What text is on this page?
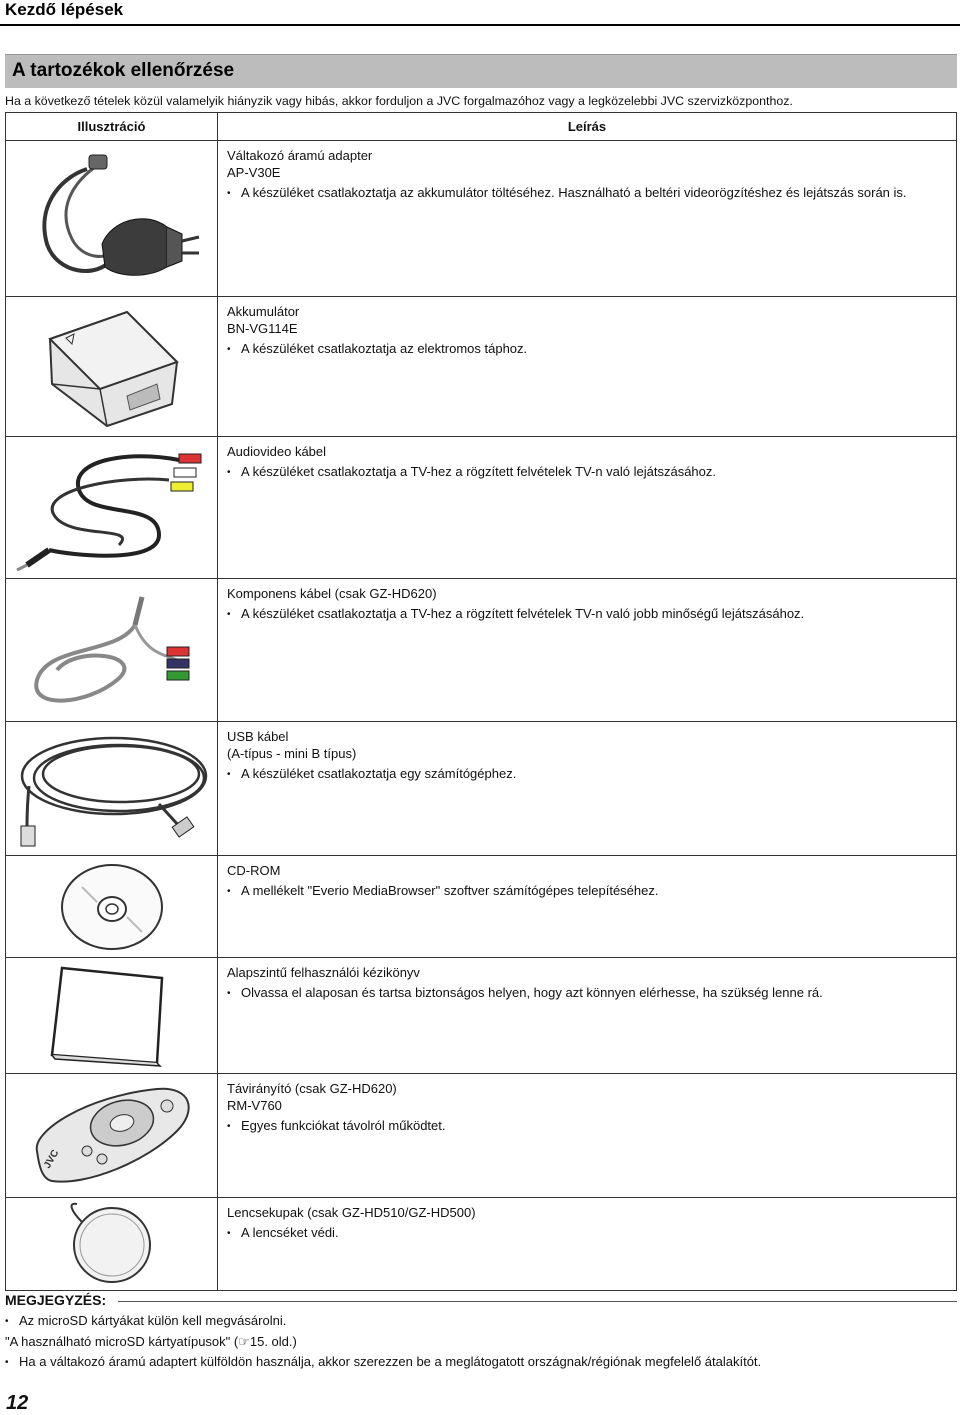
Kezdő lépések
A tartozékok ellenőrzése
Ha a következő tételek közül valamelyik hiányzik vagy hibás, akkor forduljon a JVC forgalmazóhoz vagy a legközelebbi JVC szervizközponthoz.
Illusztráció	Leírás

Váltakozó áramú adapter
AP-V30E
• A készüléket csatlakoztatja az akkumulátor töltéséhez. Használható a beltéri videorögzítéshez és lejátszás során is.

Akkumulátor
BN-VG114E
• A készüléket csatlakoztatja az elektromos táphoz.

Audiovideo kábel
• A készüléket csatlakoztatja a TV-hez a rögzített felvételek TV-n való lejátszásához.

Komponens kábel (csak GZ-HD620)
• A készüléket csatlakoztatja a TV-hez a rögzített felvételek TV-n való jobb minőségű lejátszásához.

USB kábel
(A-típus - mini B típus)
• A készüléket csatlakoztatja egy számítógéphez.

CD-ROM
• A mellékelt "Everio MediaBrowser" szoftver számítógépes telepítéséhez.

Alapszintű felhasználói kézikönyv
• Olvassa el alaposan és tartsa biztonságos helyen, hogy azt könnyen elérhesse, ha szükség lenne rá.

JVC	Távirányító (csak GZ-HD620)
RM-V760
• Egyes funkciókat távolról működtet.

Lencsekupak (csak GZ-HD510/GZ-HD500)
• A lencséket védi.
MEGJEGYZÉS:
• Az microSD kártyákat külön kell megvásárolni.
"A használható microSD kártyatípusok" (☞15. old.)
• Ha a váltakozó áramú adaptert külföldön használja, akkor szerezzen be a meglátogatott országnak/régiónak megfelelő átalakítót.
12
